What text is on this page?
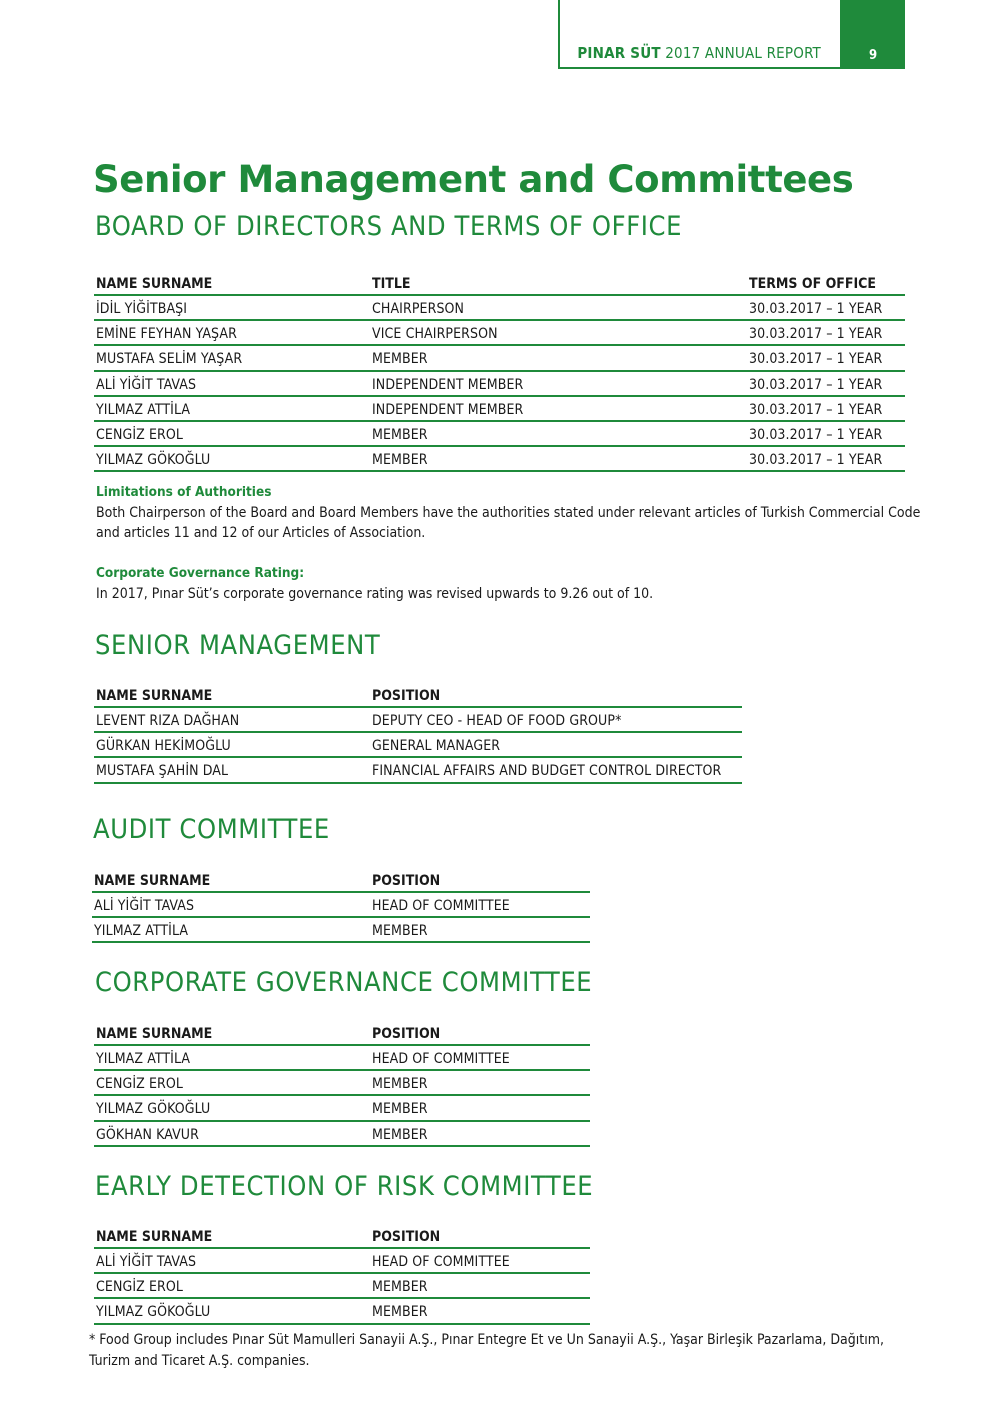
PINAR SÜT 2017 ANNUAL REPORT	9
Senior Management and Committees
BOARD OF DIRECTORS AND TERMS OF OFFICE
NAME SURNAME	TITLE	TERMS OF OFFICE
İDİL YİĞİTBAŞI	CHAIRPERSON	30.03.2017 – 1 YEAR
EMİNE FEYHAN YAŞAR	VICE CHAIRPERSON	30.03.2017 – 1 YEAR
MUSTAFA SELİM YAŞAR	MEMBER	30.03.2017 – 1 YEAR
ALİ YİĞİT TAVAS	INDEPENDENT MEMBER	30.03.2017 – 1 YEAR
YILMAZ ATTİLA	INDEPENDENT MEMBER	30.03.2017 – 1 YEAR
CENGİZ EROL	MEMBER	30.03.2017 – 1 YEAR
YILMAZ GÖKOĞLU	MEMBER	30.03.2017 – 1 YEAR
Limitations of Authorities

Both Chairperson of the Board and Board Members have the authorities stated under relevant articles of Turkish Commercial Code and articles 11 and 12 of our Articles of Association.

Corporate Governance Rating:

In 2017, Pınar Süt’s corporate governance rating was revised upwards to 9.26 out of 10.

SENIOR MANAGEMENT
NAME SURNAME	POSITION
LEVENT RIZA DAĞHAN	DEPUTY CEO - HEAD OF FOOD GROUP*
GÜRKAN HEKİMOĞLU	GENERAL MANAGER
MUSTAFA ŞAHİN DAL	FINANCIAL AFFAIRS AND BUDGET CONTROL DIRECTOR
AUDIT COMMITTEE
NAME SURNAME	POSITION
ALİ YİĞİT TAVAS	HEAD OF COMMITTEE
YILMAZ ATTİLA	MEMBER
CORPORATE GOVERNANCE COMMITTEE
NAME SURNAME	POSITION
YILMAZ ATTİLA	HEAD OF COMMITTEE
CENGİZ EROL	MEMBER
YILMAZ GÖKOĞLU	MEMBER
GÖKHAN KAVUR	MEMBER
EARLY DETECTION OF RISK COMMITTEE
NAME SURNAME	POSITION
ALİ YİĞİT TAVAS	HEAD OF COMMITTEE
CENGİZ EROL	MEMBER
YILMAZ GÖKOĞLU	MEMBER

* Food Group includes Pınar Süt Mamulleri Sanayii A.Ş., Pınar Entegre Et ve Un Sanayii A.Ş., Yaşar Birleşik Pazarlama, Dağıtım, Turizm and Ticaret A.Ş. companies.
